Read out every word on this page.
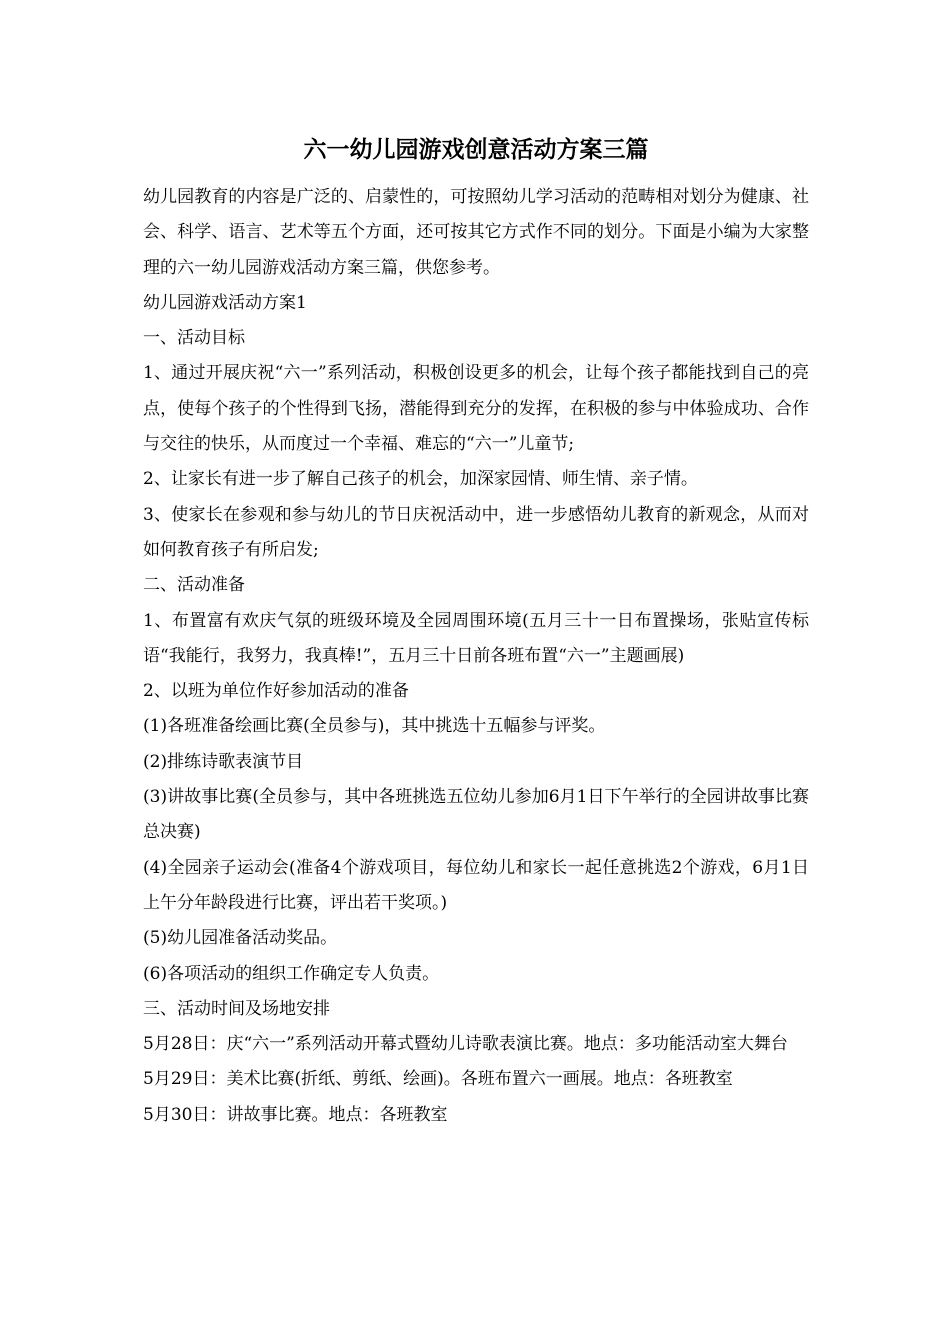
六一幼儿园游戏创意活动方案三篇

幼儿园教育的内容是广泛的、启蒙性的，可按照幼儿学习活动的范畴相对划分为健康、社会、科学、语言、艺术等五个方面，还可按其它方式作不同的划分。下面是小编为大家整理的六一幼儿园游戏活动方案三篇，供您参考。

幼儿园游戏活动方案1

一、活动目标

1、通过开展庆祝“六一”系列活动，积极创设更多的机会，让每个孩子都能找到自己的亮点，使每个孩子的个性得到飞扬，潜能得到充分的发挥，在积极的参与中体验成功、合作与交往的快乐，从而度过一个幸福、难忘的“六一”儿童节;

2、让家长有进一步了解自己孩子的机会，加深家园情、师生情、亲子情。

3、使家长在参观和参与幼儿的节日庆祝活动中，进一步感悟幼儿教育的新观念，从而对如何教育孩子有所启发;

二、活动准备

1、布置富有欢庆气氛的班级环境及全园周围环境(五月三十一日布置操场，张贴宣传标语“我能行，我努力，我真棒!”，五月三十日前各班布置“六一”主题画展)

2、以班为单位作好参加活动的准备

(1)各班准备绘画比赛(全员参与)，其中挑选十五幅参与评奖。

(2)排练诗歌表演节目

(3)讲故事比赛(全员参与，其中各班挑选五位幼儿参加6月1日下午举行的全园讲故事比赛总决赛)

(4)全园亲子运动会(准备4个游戏项目，每位幼儿和家长一起任意挑选2个游戏，6月1日上午分年龄段进行比赛，评出若干奖项。)

(5)幼儿园准备活动奖品。

(6)各项活动的组织工作确定专人负责。

三、活动时间及场地安排

5月28日：庆“六一”系列活动开幕式暨幼儿诗歌表演比赛。地点：多功能活动室大舞台

5月29日：美术比赛(折纸、剪纸、绘画)。各班布置六一画展。地点：各班教室

5月30日：讲故事比赛。地点：各班教室
